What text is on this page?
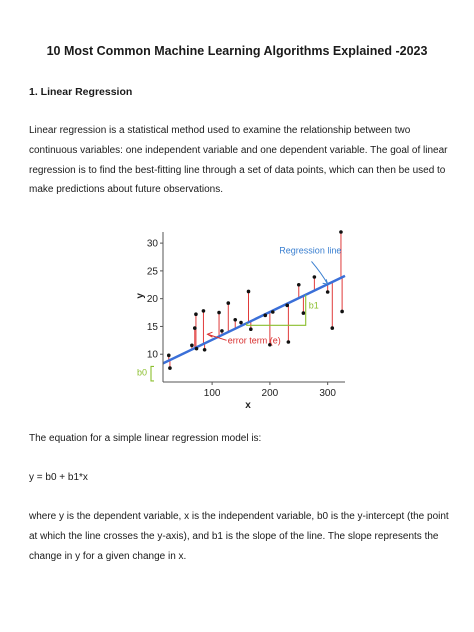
10 Most Common Machine Learning Algorithms Explained -2023
1. Linear Regression
Linear regression is a statistical method used to examine the relationship between two continuous variables: one independent variable and one dependent variable. The goal of linear regression is to find the best-fitting line through a set of data points, which can then be used to make predictions about future observations.
10
15
20
25
30
100	200	300
x
y
Regression line
error term (e)
b1
b0
The equation for a simple linear regression model is:
y = b0 + b1*x
where y is the dependent variable, x is the independent variable, b0 is the y-intercept (the point at which the line crosses the y-axis), and b1 is the slope of the line. The slope represents the change in y for a given change in x.
